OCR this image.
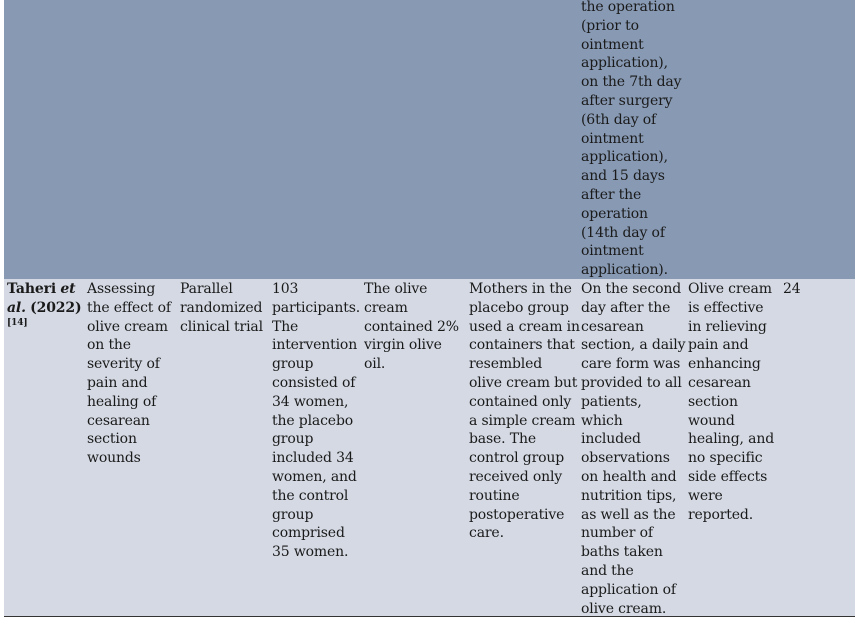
the operation
(prior to
ointment
application),
on the 7th day
after surgery
(6th day of
ointment
application),
and 15 days
after the
operation
(14th day of
ointment
application).
Taheri et
al. (2022)
[14]
Assessing
the effect of
olive cream
on the
severity of
pain and
healing of
cesarean
section
wounds
Parallel
randomized
clinical trial
103
participants.
The
intervention
group
consisted of
34 women,
the placebo
group
included 34
women, and
the control
group
comprised
35 women.
The olive
cream
contained 2%
virgin olive
oil.
Mothers in the
placebo group
used a cream in
containers that
resembled
olive cream but
contained only
a simple cream
base. The
control group
received only
routine
postoperative
care.
On the second
day after the
cesarean
section, a daily
care form was
provided to all
patients,
which
included
observations
on health and
nutrition tips,
as well as the
number of
baths taken
and the
application of
olive cream.
Olive cream
is effective
in relieving
pain and
enhancing
cesarean
section
wound
healing, and
no specific
side effects
were
reported.
24
